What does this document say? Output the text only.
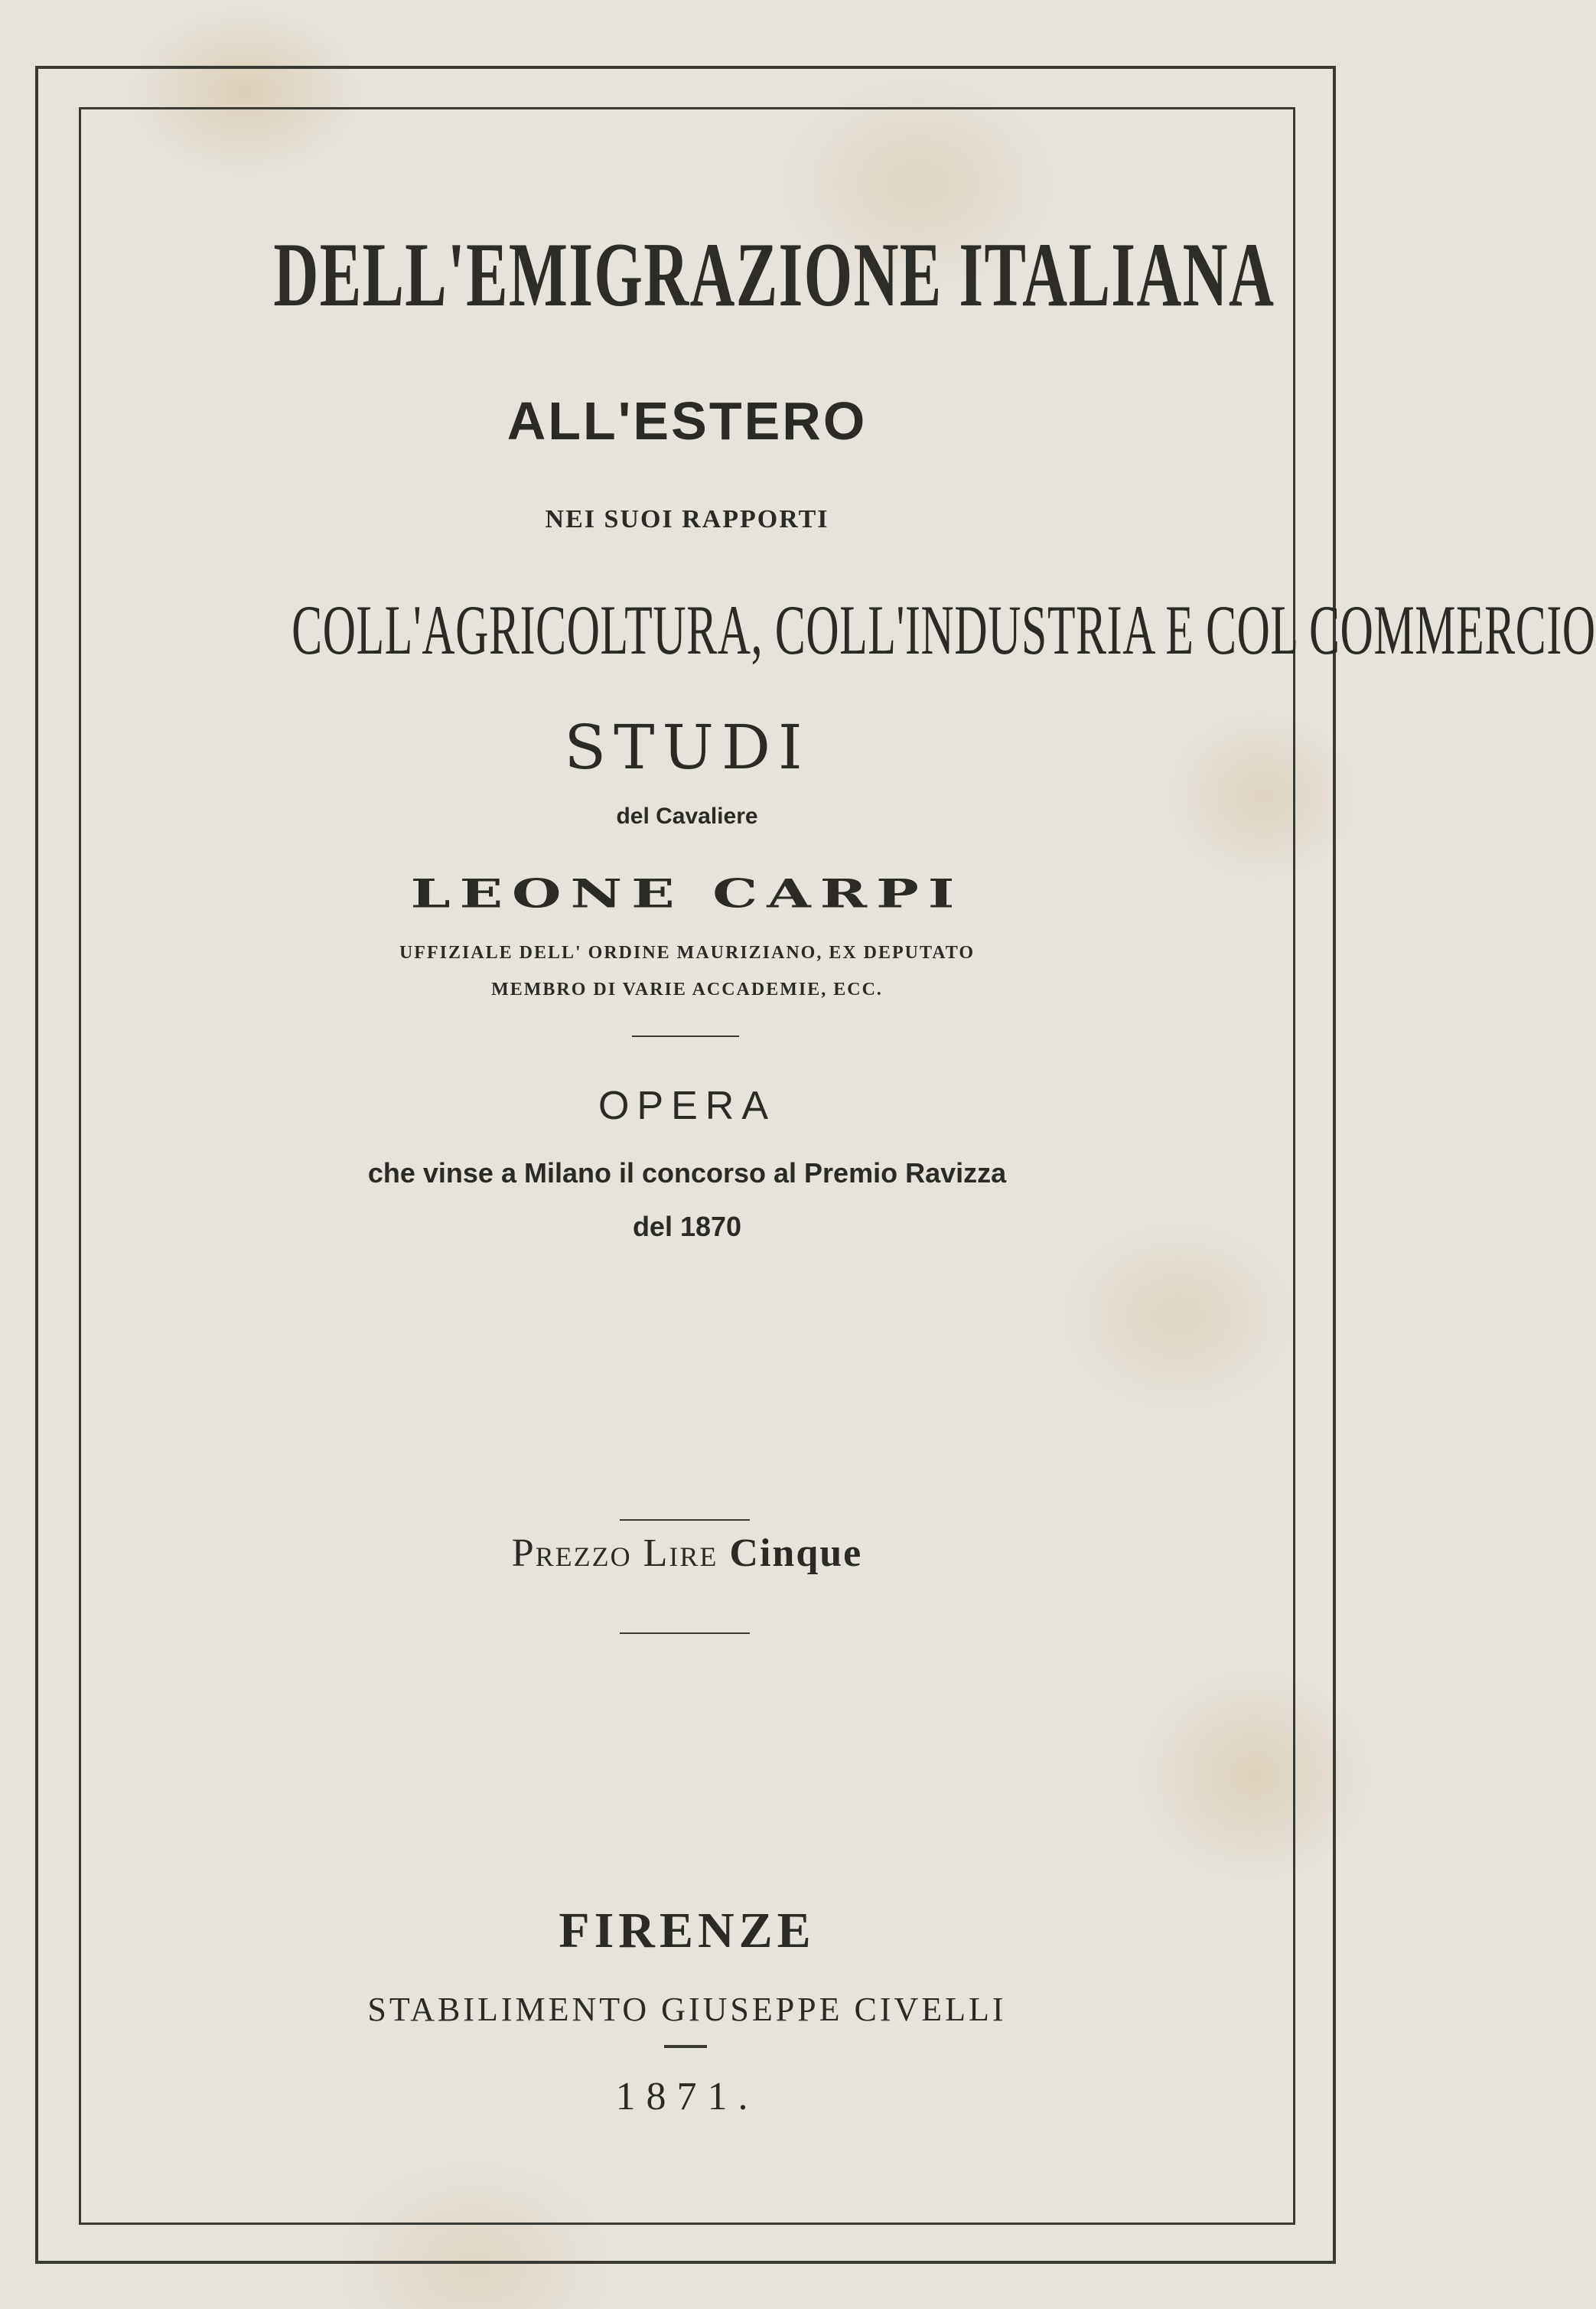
DELL'EMIGRAZIONE ITALIANA
ALL'ESTERO
NEI SUOI RAPPORTI
COLL'AGRICOLTURA, COLL'INDUSTRIA E COL COMMERCIO
STUDI
del Cavaliere
LEONE CARPI
UFFIZIALE DELL' ORDINE MAURIZIANO, EX DEPUTATO
MEMBRO DI VARIE ACCADEMIE, ECC.
OPERA
che vinse a Milano il concorso al Premio Ravizza
del 1870
Prezzo Lire Cinque
FIRENZE
STABILIMENTO GIUSEPPE CIVELLI
1871.
